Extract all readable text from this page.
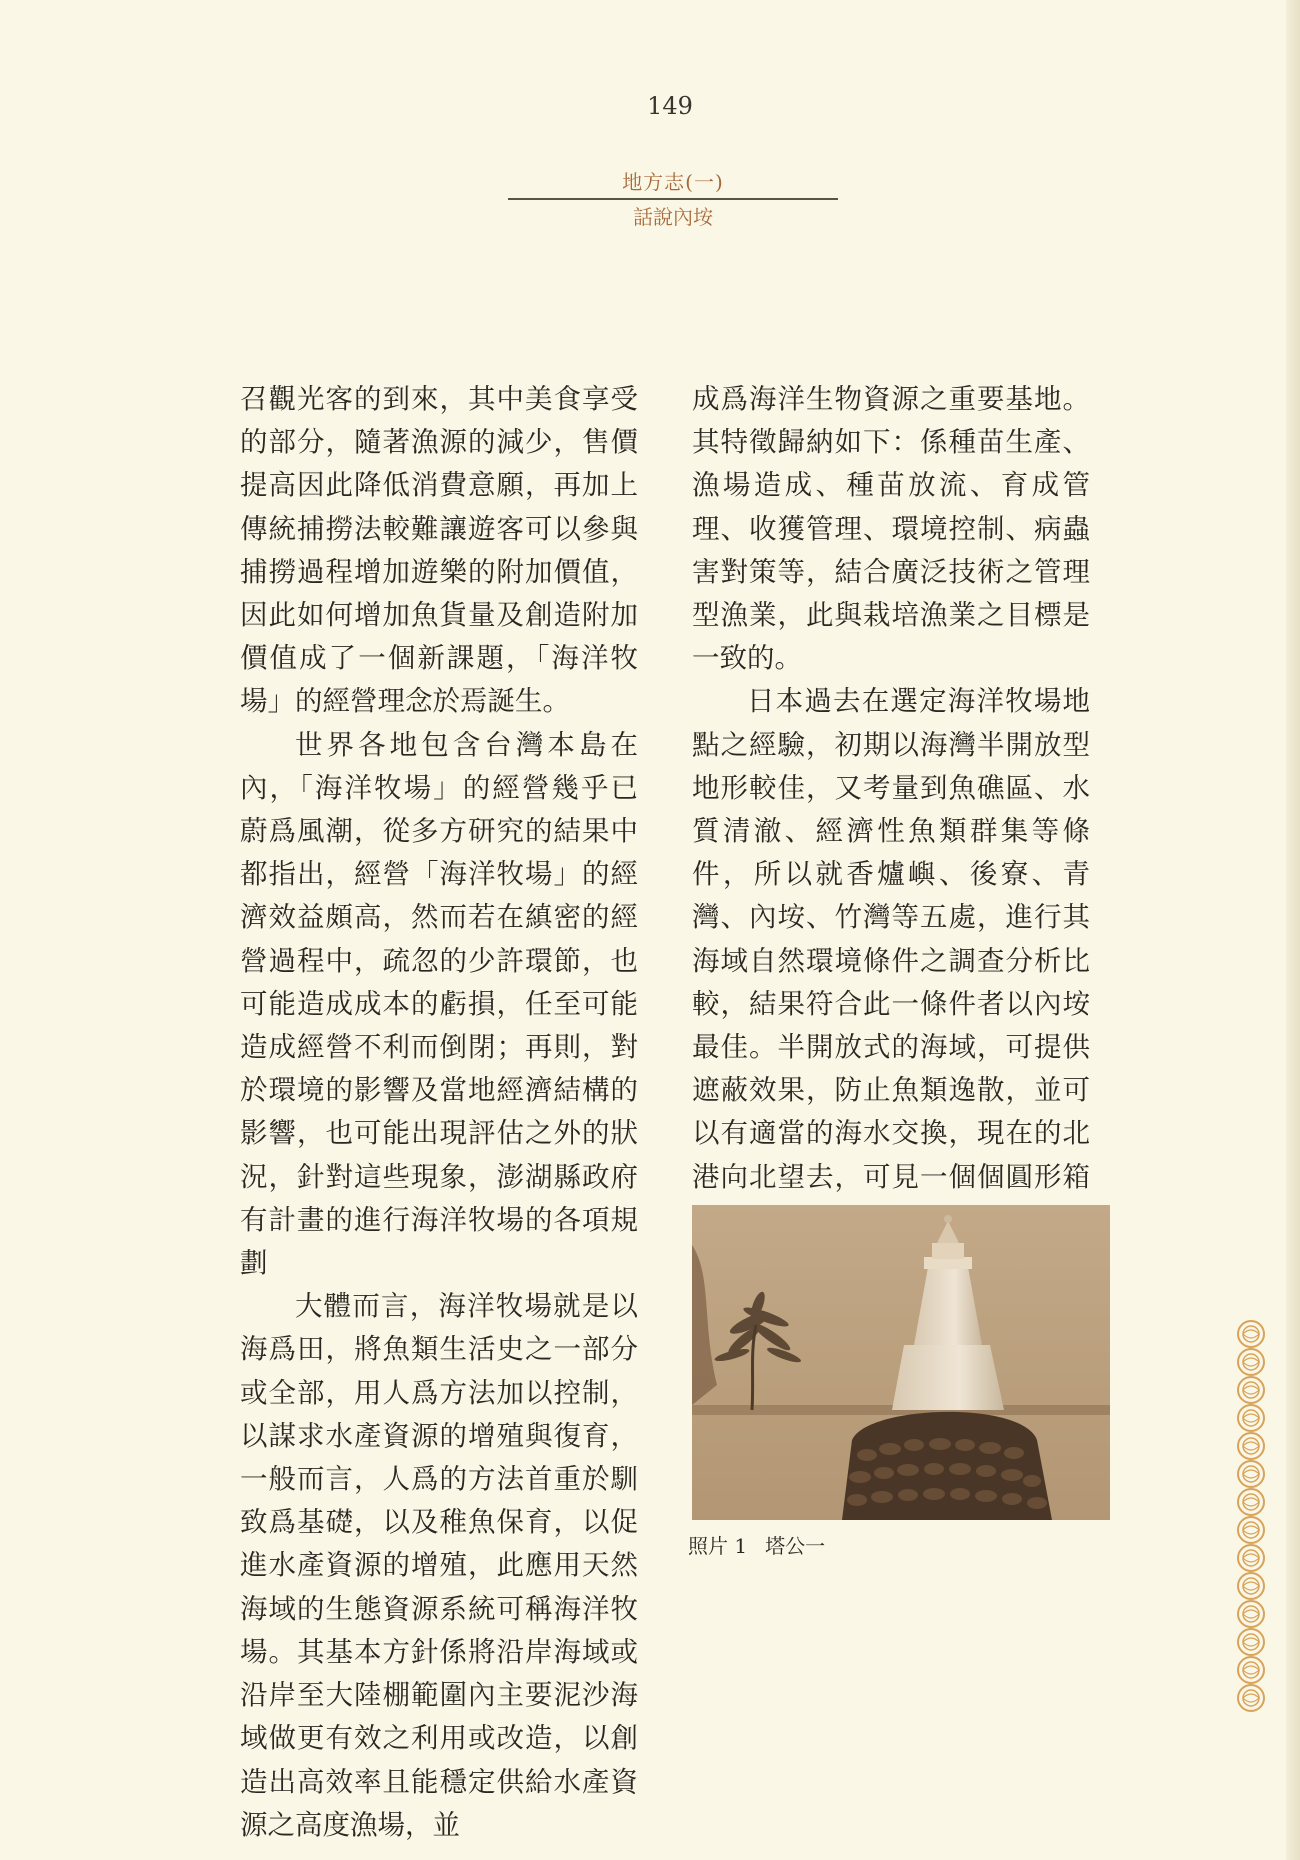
149
地方志(一)
話說內垵

召觀光客的到來，其中美食享受的部分，隨著漁源的減少，售價提高因此降低消費意願，再加上傳統捕撈法較難讓遊客可以參與捕撈過程增加遊樂的附加價值，因此如何增加魚貨量及創造附加價值成了一個新課題，「海洋牧場」的經營理念於焉誕生。

世界各地包含台灣本島在內，「海洋牧場」的經營幾乎已蔚爲風潮，從多方研究的結果中都指出，經營「海洋牧場」的經濟效益頗高，然而若在縝密的經營過程中，疏忽的少許環節，也可能造成成本的虧損，任至可能造成經營不利而倒閉；再則，對於環境的影響及當地經濟結構的影響，也可能出現評估之外的狀況，針對這些現象，澎湖縣政府有計畫的進行海洋牧場的各項規劃

大體而言，海洋牧場就是以海爲田，將魚類生活史之一部分或全部，用人爲方法加以控制，以謀求水產資源的增殖與復育，一般而言，人爲的方法首重於馴致爲基礎，以及稚魚保育，以促進水產資源的增殖，此應用天然海域的生態資源系統可稱海洋牧場。其基本方針係將沿岸海域或沿岸至大陸棚範圍內主要泥沙海域做更有效之利用或改造，以創造出高效率且能穩定供給水產資源之高度漁場，並

成爲海洋生物資源之重要基地。其特徵歸納如下：係種苗生產、漁場造成、種苗放流、育成管理、收獲管理、環境控制、病蟲害對策等，結合廣泛技術之管理型漁業，此與栽培漁業之目標是一致的。

日本過去在選定海洋牧場地點之經驗，初期以海灣半開放型地形較佳，又考量到魚礁區、水質清澈、經濟性魚類群集等條件，所以就香爐嶼、後寮、青灣、內垵、竹灣等五處，進行其海域自然環境條件之調查分析比較，結果符合此一條件者以內垵最佳。半開放式的海域，可提供遮蔽效果，防止魚類逸散，並可以有適當的海水交換，現在的北港向北望去，可見一個個圓形箱

照片 1 塔公一
